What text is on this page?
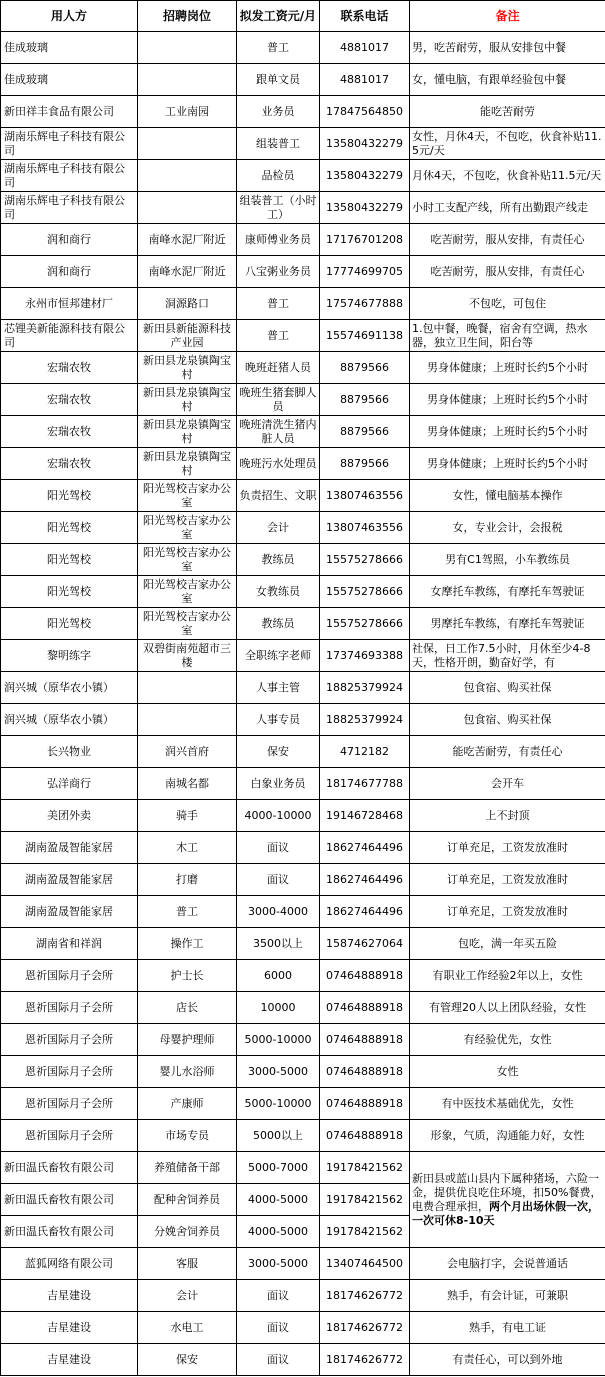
用人方	招聘岗位	拟发工资元/月	联系电话	备注
佳成玻璃		普工	4881017	男，吃苦耐劳，服从安排包中餐
佳成玻璃		跟单文员	4881017	女，懂电脑，有跟单经验包中餐
新田祥丰食品有限公司	工业南园	业务员	17847564850	能吃苦耐劳
湖南乐辉电子科技有限公司		组装普工	13580432279	女性，月休4天，不包吃，伙食补贴11.5元/天
湖南乐辉电子科技有限公司		品检员	13580432279	月休4天，不包吃，伙食补贴11.5元/天
湖南乐辉电子科技有限公司		组装普工（小时工）	13580432279	小时工支配产线，所有出勤跟产线走
润和商行	南峰水泥厂附近	康师傅业务员	17176701208	吃苦耐劳，服从安排，有责任心
润和商行	南峰水泥厂附近	八宝粥业务员	17774699705	吃苦耐劳，服从安排，有责任心
永州市恒邦建材厂	洞源路口	普工	17574677888	不包吃，可包住
芯锂美新能源科技有限公司	新田县新能源科技产业园	普工	15574691138	1.包中餐，晚餐，宿舍有空调，热水器，独立卫生间，阳台等
宏瑞农牧	新田县龙泉镇陶宝村	晚班赶猪人员	8879566	男身体健康；上班时长约5个小时
宏瑞农牧	新田县龙泉镇陶宝村	晚班生猪套脚人员	8879566	男身体健康；上班时长约5个小时
宏瑞农牧	新田县龙泉镇陶宝村	晚班清洗生猪内脏人员	8879566	男身体健康；上班时长约5个小时
宏瑞农牧	新田县龙泉镇陶宝村	晚班污水处理员	8879566	男身体健康；上班时长约5个小时
阳光驾校	阳光驾校吉家办公室	负责招生、文职	13807463556	女性，懂电脑基本操作
阳光驾校	阳光驾校吉家办公室	会计	13807463556	女，专业会计，会报税
阳光驾校	阳光驾校吉家办公室	教练员	15575278666	男有C1驾照，小车教练员
阳光驾校	阳光驾校吉家办公室	女教练员	15575278666	女摩托车教练，有摩托车驾驶证
阳光驾校	阳光驾校吉家办公室	教练员	15575278666	男摩托车教练，有摩托车驾驶证
黎明练字	双碧街南苑超市三楼	全职练字老师	17374693388	社保，日工作7.5小时，月休至少4-8天，性格开朗，勤奋好学，有
润兴城（原华农小镇）		人事主管	18825379924	包食宿、购买社保
润兴城（原华农小镇）		人事专员	18825379924	包食宿、购买社保
长兴物业	润兴首府	保安	4712182	能吃苦耐劳，有责任心
弘洋商行	南城名都	白象业务员	18174677788	会开车
美团外卖	骑手	4000-10000	19146728468	上不封顶
湖南盈晟智能家居	木工	面议	18627464496	订单充足，工资发放准时
湖南盈晟智能家居	打磨	面议	18627464496	订单充足，工资发放准时
湖南盈晟智能家居	普工	3000-4000	18627464496	订单充足，工资发放准时
湖南省和祥润	操作工	3500以上	15874627064	包吃，满一年买五险
恩祈国际月子会所	护士长	6000	07464888918	有职业工作经验2年以上，女性
恩祈国际月子会所	店长	10000	07464888918	有管理20人以上团队经验，女性
恩祈国际月子会所	母婴护理师	5000-10000	07464888918	有经验优先，女性
恩祈国际月子会所	婴儿水浴师	3000-5000	07464888918	女性
恩祈国际月子会所	产康师	5000-10000	07464888918	有中医技术基础优先，女性
恩祈国际月子会所	市场专员	5000以上	07464888918	形象，气质，沟通能力好，女性
新田温氏畜牧有限公司	养殖储备干部	5000-7000	19178421562	新田县或蓝山县内下属种猪场，六险一金，提供优良吃住环境，扣50%餐费，电费合理承担，两个月出场休假一次，一次可休8-10天
新田温氏畜牧有限公司	配种舍饲养员	4000-5000	19178421562	
新田温氏畜牧有限公司	分娩舍饲养员	4000-5000	19178421562	
蓝狐网络有限公司	客服	3000-5000	13407464500	会电脑打字，会说普通话
吉星建设	会计	面议	18174626772	熟手，有会计证，可兼职
吉星建设	水电工	面议	18174626772	熟手，有电工证
吉星建设	保安	面议	18174626772	有责任心，可以到外地
